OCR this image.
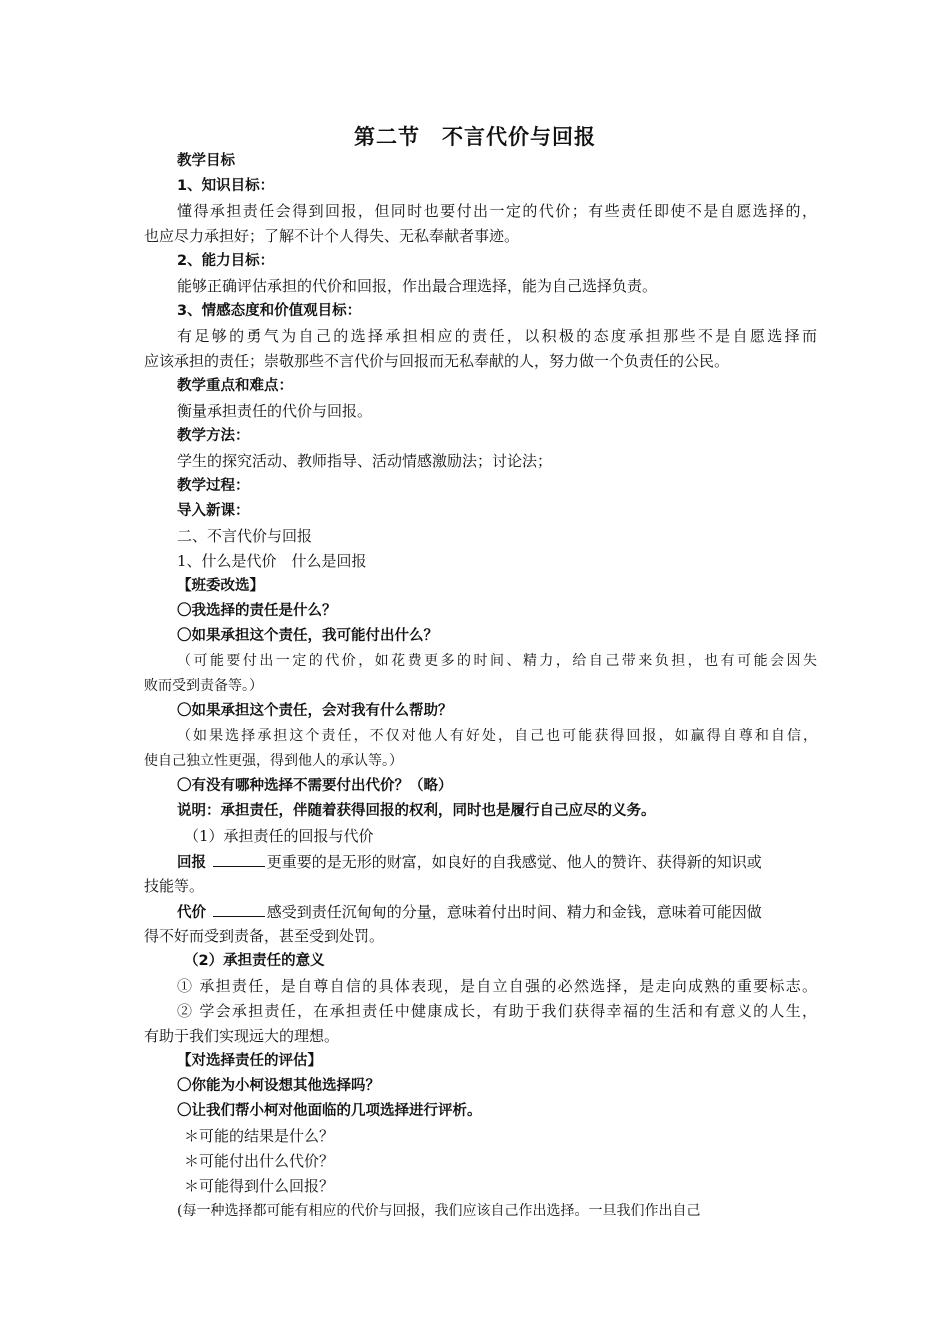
第二节　不言代价与回报
教学目标
1、知识目标：
懂得承担责任会得到回报，但同时也要付出一定的代价；有些责任即使不是自愿选择的，
也应尽力承担好；了解不计个人得失、无私奉献者事迹。
2、能力目标：
能够正确评估承担的代价和回报，作出最合理选择，能为自己选择负责。
3、情感态度和价值观目标：
有足够的勇气为自己的选择承担相应的责任，以积极的态度承担那些不是自愿选择而
应该承担的责任；崇敬那些不言代价与回报而无私奉献的人，努力做一个负责任的公民。
教学重点和难点：
衡量承担责任的代价与回报。
教学方法：
学生的探究活动、教师指导、活动情感激励法；讨论法；
教学过程：
导入新课：
二、不言代价与回报
1、什么是代价　什么是回报
【班委改选】
〇我选择的责任是什么？
〇如果承担这个责任，我可能付出什么？
（可能要付出一定的代价，如花费更多的时间、精力，给自己带来负担，也有可能会因失
败而受到责备等。）
〇如果承担这个责任，会对我有什么帮助？
（如果选择承担这个责任，不仅对他人有好处，自己也可能获得回报，如赢得自尊和自信，
使自己独立性更强，得到他人的承认等。）
〇有没有哪种选择不需要付出代价？（略）
说明：承担责任，伴随着获得回报的权利，同时也是履行自己应尽的义务。
（1）承担责任的回报与代价
回报	更重要的是无形的财富，如良好的自我感觉、他人的赞许、获得新的知识或
技能等。
代价	感受到责任沉甸甸的分量，意味着付出时间、精力和金钱，意味着可能因做
得不好而受到责备，甚至受到处罚。
（2）承担责任的意义
① 承担责任，是自尊自信的具体表现，是自立自强的必然选择，是走向成熟的重要标志。
② 学会承担责任，在承担责任中健康成长，有助于我们获得幸福的生活和有意义的人生，
有助于我们实现远大的理想。
【对选择责任的评估】
〇你能为小柯设想其他选择吗？
〇让我们帮小柯对他面临的几项选择进行评析。
＊可能的结果是什么？
＊可能付出什么代价？
＊可能得到什么回报？
(每一种选择都可能有相应的代价与回报，我们应该自己作出选择。一旦我们作出自己
